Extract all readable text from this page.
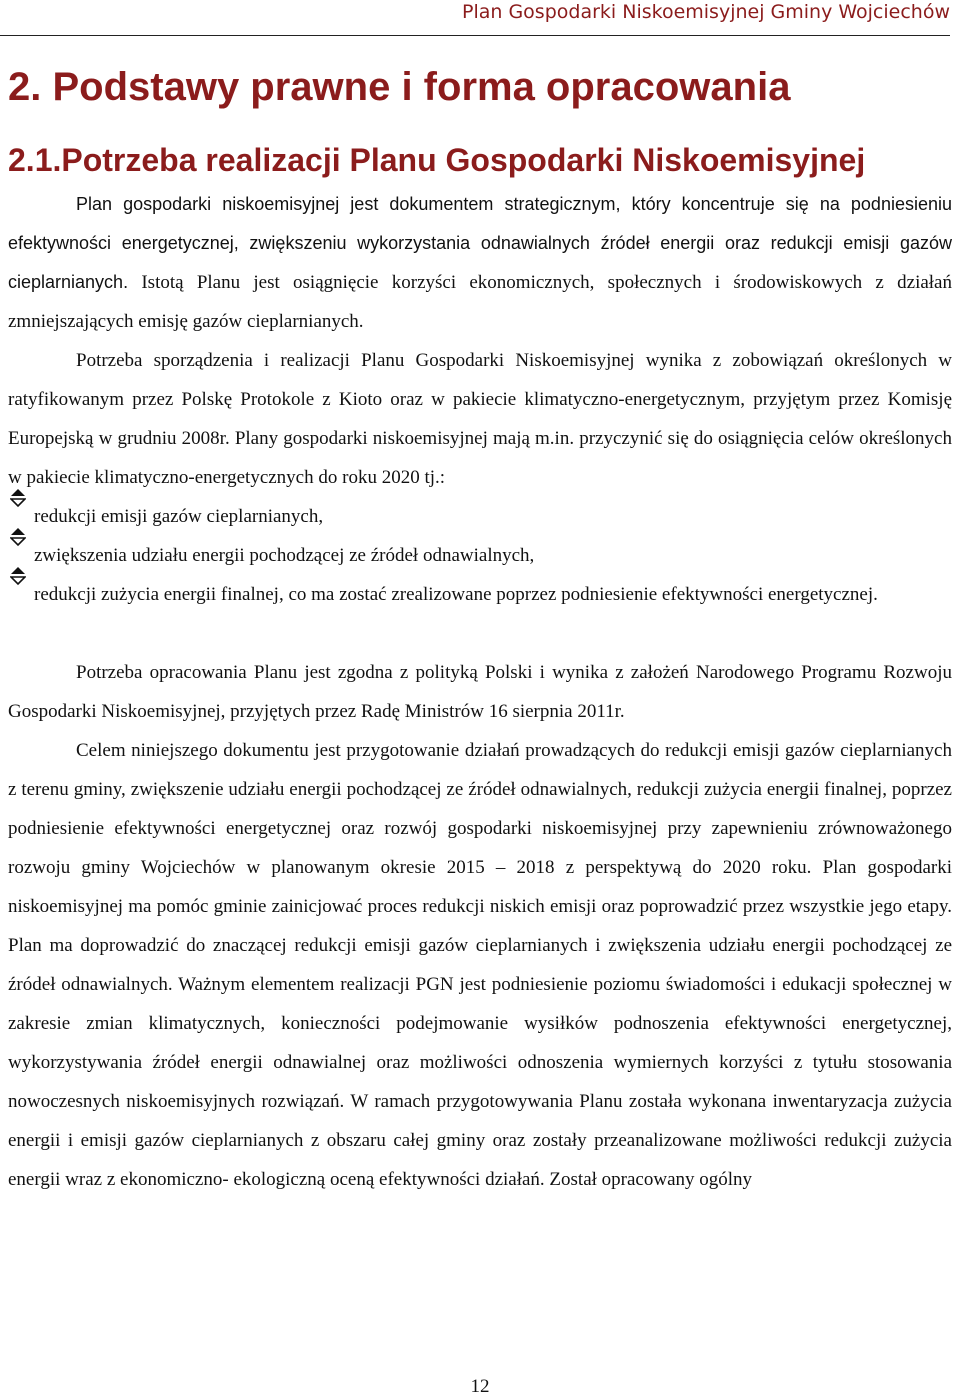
Plan Gospodarki Niskoemisyjnej Gminy Wojciechów
2. Podstawy prawne i forma opracowania
2.1.Potrzeba realizacji Planu Gospodarki Niskoemisyjnej

Plan gospodarki niskoemisyjnej jest dokumentem strategicznym, który koncentruje się na podniesieniu efektywności energetycznej, zwiększeniu wykorzystania odnawialnych źródeł energii oraz redukcji emisji gazów cieplarnianych. Istotą Planu jest osiągnięcie korzyści ekonomicznych, społecznych i środowiskowych z działań zmniejszających emisję gazów cieplarnianych.

Potrzeba sporządzenia i realizacji Planu Gospodarki Niskoemisyjnej wynika z zobowiązań określonych w ratyfikowanym przez Polskę Protokole z Kioto oraz w pakiecie klimatyczno-energetycznym, przyjętym przez Komisję Europejską w grudniu 2008r. Plany gospodarki niskoemisyjnej mają m.in. przyczynić się do osiągnięcia celów określonych w pakiecie klimatyczno-energetycznych do roku 2020 tj.:

redukcji emisji gazów cieplarnianych,
zwiększenia udziału energii pochodzącej ze źródeł odnawialnych,

redukcji zużycia energii finalnej, co ma zostać zrealizowane poprzez podniesienie efektywności energetycznej.

Potrzeba opracowania Planu jest zgodna z polityką Polski i wynika z założeń Narodowego Programu Rozwoju Gospodarki Niskoemisyjnej, przyjętych przez Radę Ministrów 16 sierpnia 2011r.

Celem niniejszego dokumentu jest przygotowanie działań prowadzących do redukcji emisji gazów cieplarnianych z terenu gminy, zwiększenie udziału energii pochodzącej ze źródeł odnawialnych, redukcji zużycia energii finalnej, poprzez podniesienie efektywności energetycznej oraz rozwój gospodarki niskoemisyjnej przy zapewnieniu zrównoważonego rozwoju gminy Wojciechów w planowanym okresie 2015 – 2018 z perspektywą do 2020 roku. Plan gospodarki niskoemisyjnej ma pomóc gminie zainicjować proces redukcji niskich emisji oraz poprowadzić przez wszystkie jego etapy. Plan ma doprowadzić do znaczącej redukcji emisji gazów cieplarnianych i zwiększenia udziału energii pochodzącej ze źródeł odnawialnych. Ważnym elementem realizacji PGN jest podniesienie poziomu świadomości i edukacji społecznej w zakresie zmian klimatycznych, konieczności podejmowanie wysiłków podnoszenia efektywności energetycznej, wykorzystywania źródeł energii odnawialnej oraz możliwości odnoszenia wymiernych korzyści z tytułu stosowania nowoczesnych niskoemisyjnych rozwiązań. W ramach przygotowywania Planu została wykonana inwentaryzacja zużycia energii i emisji gazów cieplarnianych z obszaru całej gminy oraz zostały przeanalizowane możliwości redukcji zużycia energii wraz z ekonomiczno- ekologiczną oceną efektywności działań. Został opracowany ogólny

12
